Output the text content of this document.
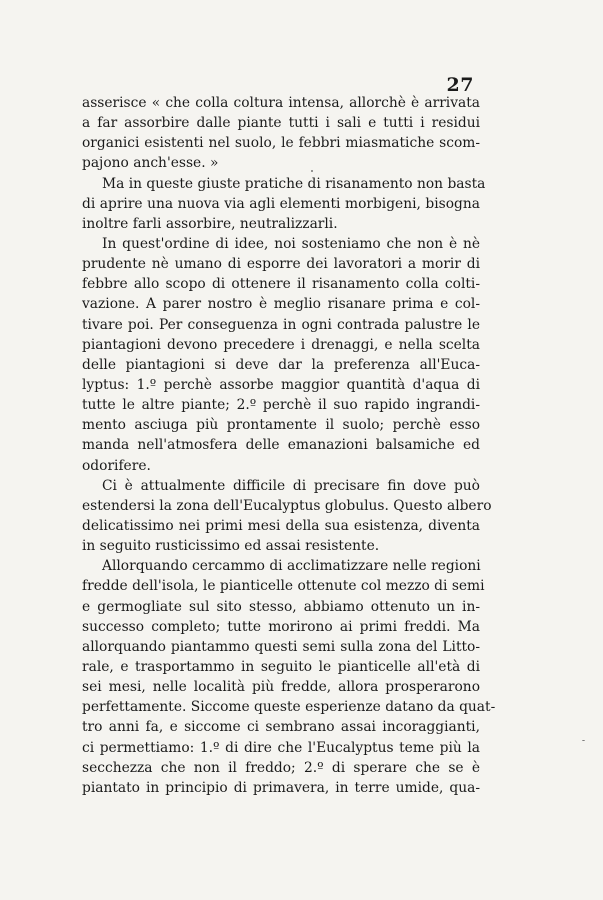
27
asserisce « che colla coltura intensa, allorchè è arrivata
a far assorbire dalle piante tutti i sali e tutti i residui
organici esistenti nel suolo, le febbri miasmatiche scom-
pajono anch'esse. »
Ma in queste giuste pratiche di risanamento non basta
di aprire una nuova via agli elementi morbigeni, bisogna
inoltre farli assorbire, neutralizzarli.
In quest'ordine di idee, noi sosteniamo che non è nè
prudente nè umano di esporre dei lavoratori a morir di
febbre allo scopo di ottenere il risanamento colla colti-
vazione. A parer nostro è meglio risanare prima e col-
tivare poi. Per conseguenza in ogni contrada palustre le
piantagioni devono precedere i drenaggi, e nella scelta
delle piantagioni si deve dar la preferenza all'Euca-
lyptus: 1.º perchè assorbe maggior quantità d'aqua di
tutte le altre piante; 2.º perchè il suo rapido ingrandi-
mento asciuga più prontamente il suolo; perchè esso
manda nell'atmosfera delle emanazioni balsamiche ed
odorifere.
Ci è attualmente difficile di precisare fin dove può
estendersi la zona dell'Eucalyptus globulus. Questo albero
delicatissimo nei primi mesi della sua esistenza, diventa
in seguito rusticissimo ed assai resistente.
Allorquando cercammo di acclimatizzare nelle regioni
fredde dell'isola, le pianticelle ottenute col mezzo di semi
e germogliate sul sito stesso, abbiamo ottenuto un in-
successo completo; tutte morirono ai primi freddi. Ma
allorquando piantammo questi semi sulla zona del Litto-
rale, e trasportammo in seguito le pianticelle all'età di
sei mesi, nelle località più fredde, allora prosperarono
perfettamente. Siccome queste esperienze datano da quat-
tro anni fa, e siccome ci sembrano assai incoraggianti,
ci permettiamo: 1.º di dire che l'Eucalyptus teme più la
secchezza che non il freddo; 2.º di sperare che se è
piantato in principio di primavera, in terre umide, qua-
